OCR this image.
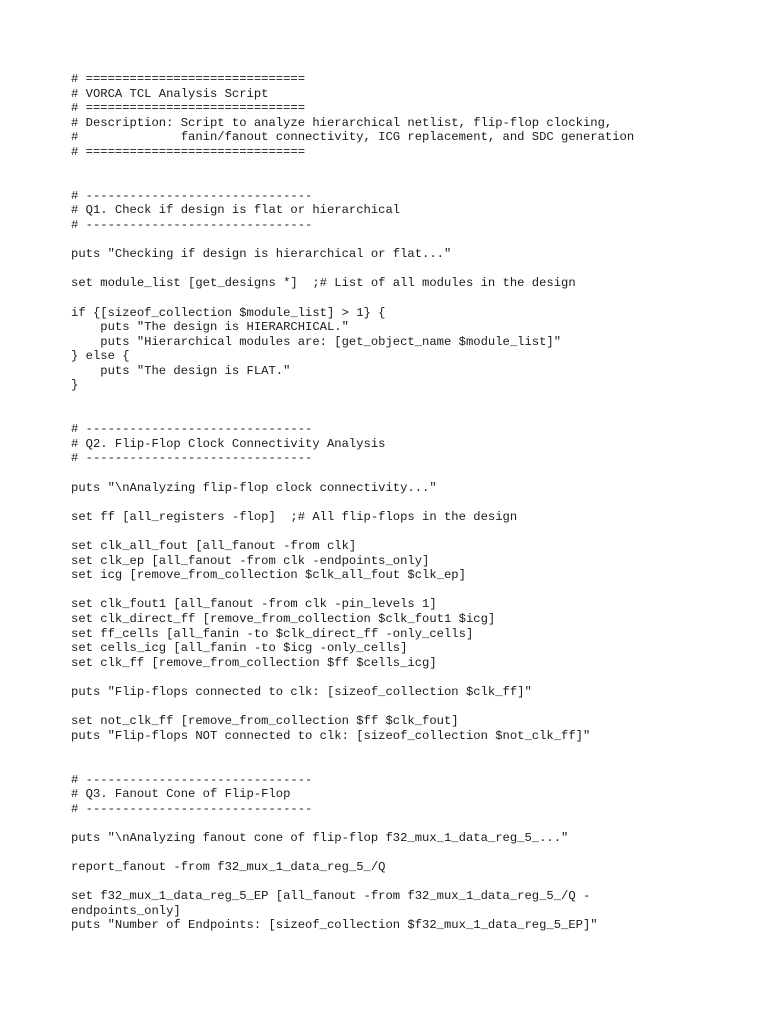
# ==============================
# VORCA TCL Analysis Script
# ==============================
# Description: Script to analyze hierarchical netlist, flip-flop clocking,
#              fanin/fanout connectivity, ICG replacement, and SDC generation
# ==============================
# -------------------------------
# Q1. Check if design is flat or hierarchical
# -------------------------------
puts "Checking if design is hierarchical or flat..."
set module_list [get_designs *]  ;# List of all modules in the design
if {[sizeof_collection $module_list] > 1} {
puts "The design is HIERARCHICAL."
puts "Hierarchical modules are: [get_object_name $module_list]"
} else {
puts "The design is FLAT."
}
# -------------------------------
# Q2. Flip-Flop Clock Connectivity Analysis
# -------------------------------
puts "\nAnalyzing flip-flop clock connectivity..."
set ff [all_registers -flop]  ;# All flip-flops in the design
set clk_all_fout [all_fanout -from clk]
set clk_ep [all_fanout -from clk -endpoints_only]
set icg [remove_from_collection $clk_all_fout $clk_ep]
set clk_fout1 [all_fanout -from clk -pin_levels 1]
set clk_direct_ff [remove_from_collection $clk_fout1 $icg]
set ff_cells [all_fanin -to $clk_direct_ff -only_cells]
set cells_icg [all_fanin -to $icg -only_cells]
set clk_ff [remove_from_collection $ff $cells_icg]
puts "Flip-flops connected to clk: [sizeof_collection $clk_ff]"
set not_clk_ff [remove_from_collection $ff $clk_fout]
puts "Flip-flops NOT connected to clk: [sizeof_collection $not_clk_ff]"
# -------------------------------
# Q3. Fanout Cone of Flip-Flop
# -------------------------------
puts "\nAnalyzing fanout cone of flip-flop f32_mux_1_data_reg_5_..."
report_fanout -from f32_mux_1_data_reg_5_/Q
set f32_mux_1_data_reg_5_EP [all_fanout -from f32_mux_1_data_reg_5_/Q -
endpoints_only]
puts "Number of Endpoints: [sizeof_collection $f32_mux_1_data_reg_5_EP]"
